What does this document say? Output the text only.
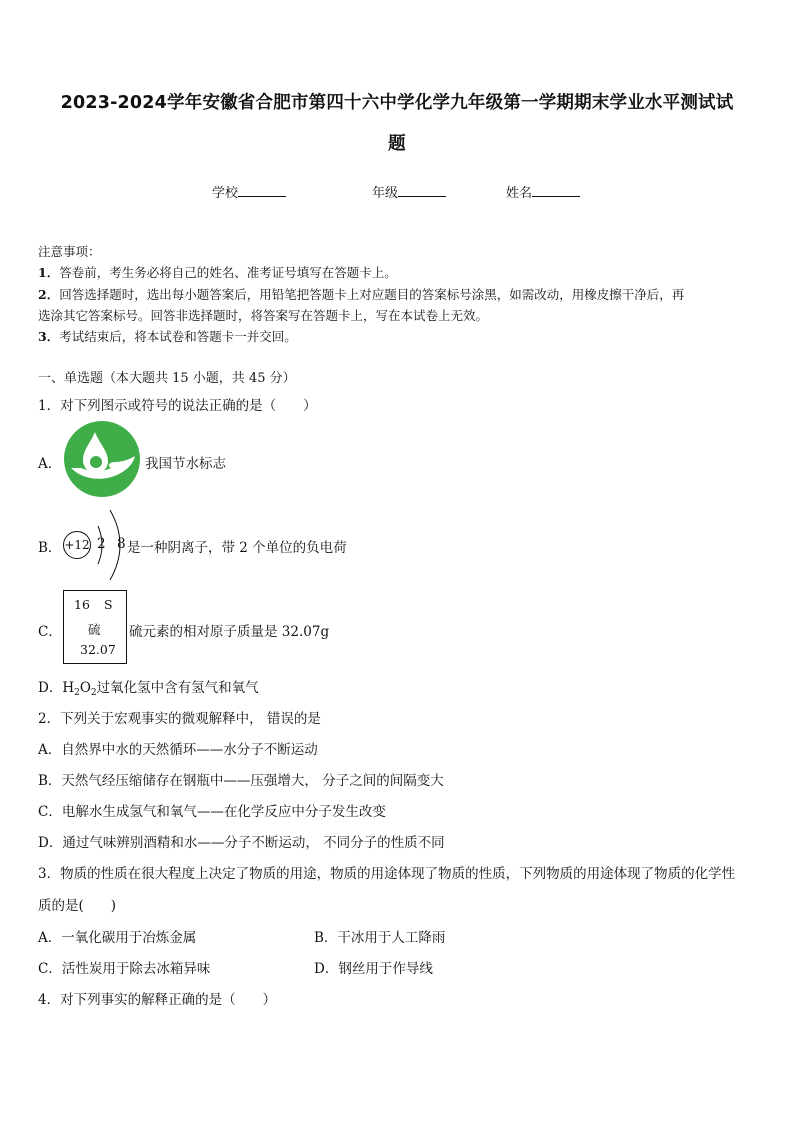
2023-2024学年安徽省合肥市第四十六中学化学九年级第一学期期末学业水平测试试
题
学校	年级	姓名
注意事项：
1．答卷前，考生务必将自己的姓名、准考证号填写在答题卡上。
2．回答选择题时，选出每小题答案后，用铅笔把答题卡上对应题目的答案标号涂黑，如需改动，用橡皮擦干净后，再
选涂其它答案标号。回答非选择题时，将答案写在答题卡上，写在本试卷上无效。
3．考试结束后，将本试卷和答题卡一并交回。
一、单选题（本大题共 15 小题，共 45 分）
1．对下列图示或符号的说法正确的是（　　）
A．	我国节水标志
B． +12 2 8 是一种阴离子，带 2 个单位的负电荷
C．
16 S
硫
32.07
硫元素的相对原子质量是 32.07g
D．$H_2O_2$过氧化氢中含有氢气和氧气
2．下列关于宏观事实的微观解释中， 错误的是
A．自然界中水的天然循环——水分子不断运动
B．天然气经压缩储存在钢瓶中——压强增大， 分子之间的间隔变大
C．电解水生成氢气和氧气——在化学反应中分子发生改变
D．通过气味辨别酒精和水——分子不断运动， 不同分子的性质不同
3．物质的性质在很大程度上决定了物质的用途，物质的用途体现了物质的性质，下列物质的用途体现了物质的化学性
质的是(　　)
A．一氧化碳用于冶炼金属	B．干冰用于人工降雨
C．活性炭用于除去冰箱异味	D．钢丝用于作导线
4．对下列事实的解释正确的是（　　）
